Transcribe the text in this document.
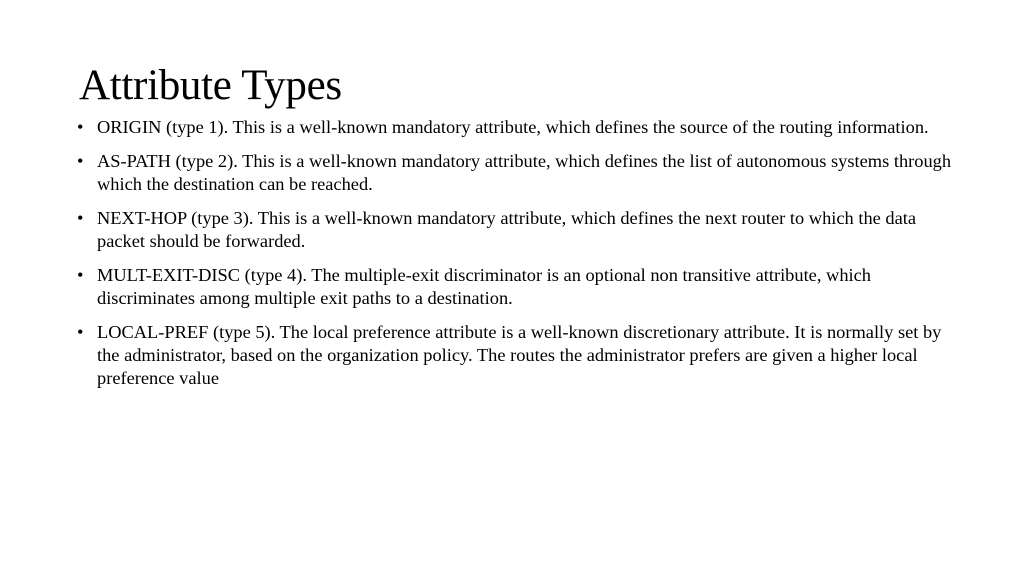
Attribute Types
• ORIGIN (type 1). This is a well-known mandatory attribute, which defines the source of the routing information.
• AS-PATH (type 2). This is a well-known mandatory attribute, which defines the list of autonomous systems through which the destination can be reached.
• NEXT-HOP (type 3). This is a well-known mandatory attribute, which defines the next router to which the data packet should be forwarded.
• MULT-EXIT-DISC (type 4). The multiple-exit discriminator is an optional non transitive attribute, which discriminates among multiple exit paths to a destination.
• LOCAL-PREF (type 5). The local preference attribute is a well-known discretionary attribute. It is normally set by the administrator, based on the organization policy. The routes the administrator prefers are given a higher local preference value
